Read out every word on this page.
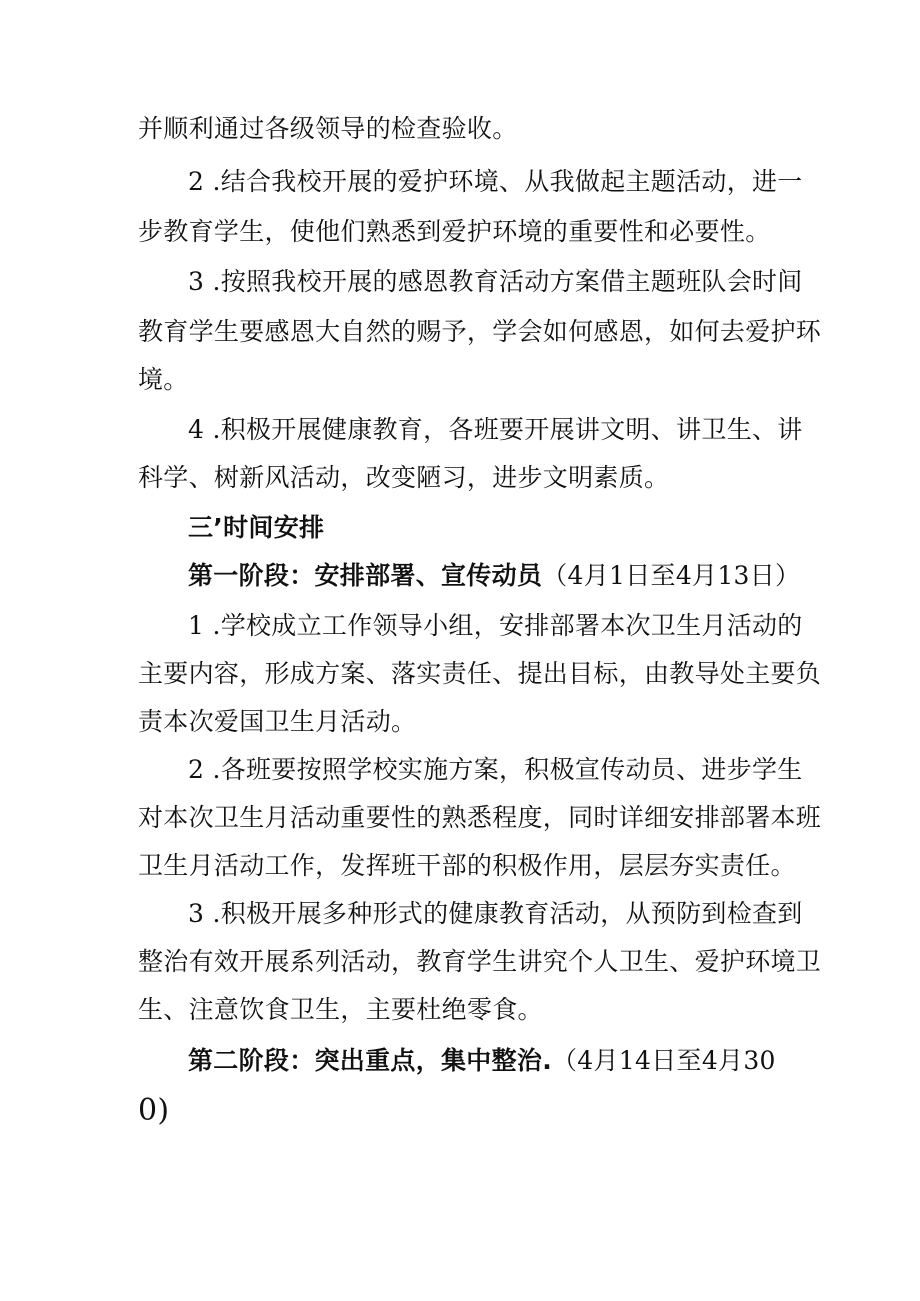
并顺利通过各级领导的检查验收。
2 .结合我校开展的爱护环境、从我做起主题活动，进一
步教育学生，使他们熟悉到爱护环境的重要性和必要性。
3 .按照我校开展的感恩教育活动方案借主题班队会时间
教育学生要感恩大自然的赐予，学会如何感恩，如何去爱护环
境。
4 .积极开展健康教育，各班要开展讲文明、讲卫生、讲
科学、树新风活动，改变陋习，进步文明素质。
三’时间安排
第一阶段：安排部署、宣传动员（4月1日至4月13日）
1 .学校成立工作领导小组，安排部署本次卫生月活动的
主要内容，形成方案、落实责任、提出目标，由教导处主要负
责本次爱国卫生月活动。
2 .各班要按照学校实施方案，积极宣传动员、进步学生
对本次卫生月活动重要性的熟悉程度，同时详细安排部署本班
卫生月活动工作，发挥班干部的积极作用，层层夯实责任。
3 .积极开展多种形式的健康教育活动，从预防到检查到
整治有效开展系列活动，教育学生讲究个人卫生、爱护环境卫
生、注意饮食卫生，主要杜绝零食。
第二阶段：突出重点，集中整治.（4月14日至4月30
0)
